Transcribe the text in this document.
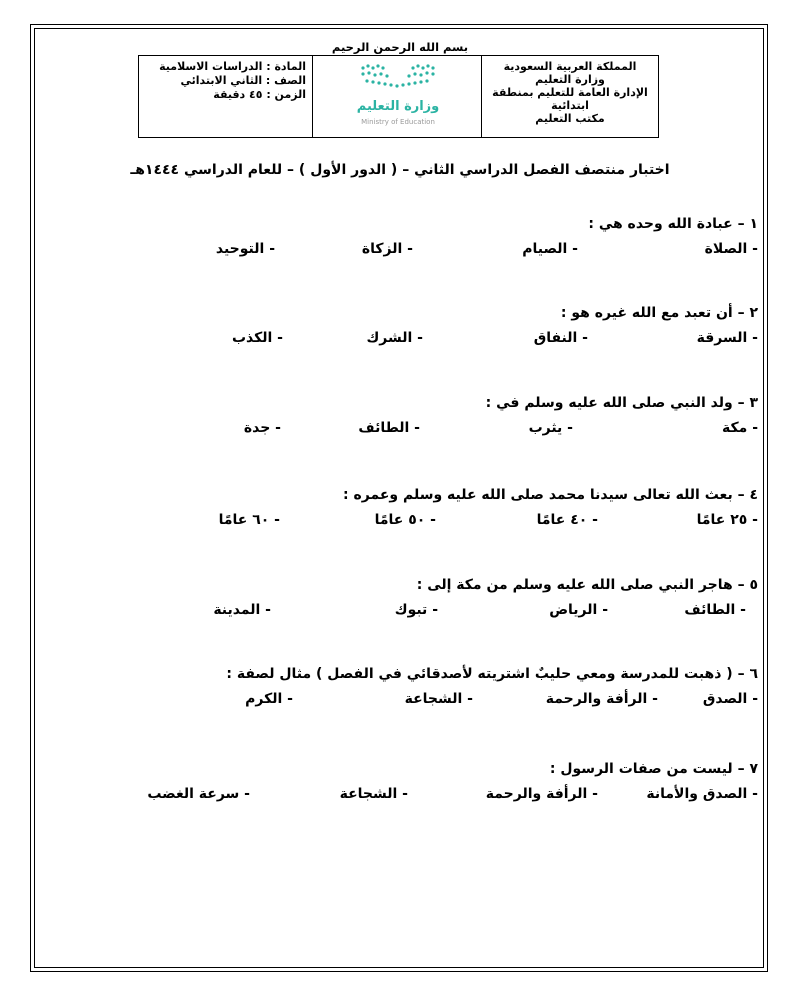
بسم الله الرحمن الرحيم
المملكة العربية السعودية
وزارة التعليم
الإدارة العامة للتعليم بمنطقة
ابتدائية
مكتب التعليم
وزارة التعليم
Ministry of Education
المادة : الدراسات الاسلامية
الصف : الثاني الابتدائي
الزمن : ٤٥ دقيقة
اختبار منتصف الفصل الدراسي الثاني – ( الدور الأول ) – للعام الدراسي ١٤٤٤هـ
١ – عبادة الله وحده هي :
- الصلاة
- الصيام
- الزكاة
- التوحيد
٢ – أن تعبد مع الله غيره هو :
- السرقة
- النفاق
- الشرك
- الكذب
٣ – ولد النبي صلى الله عليه وسلم في :
- مكة
- يثرب
- الطائف
- جدة
٤ – بعث الله تعالى سيدنا محمد صلى الله عليه وسلم وعمره :
- ٢٥ عامًا
- ٤٠ عامًا
- ٥٠ عامًا
- ٦٠ عامًا
٥ – هاجر النبي صلى الله عليه وسلم من مكة إلى :
- الطائف
- الرياض
- تبوك
- المدينة
٦ – ( ذهبت للمدرسة ومعي حليبٌ اشتريته لأصدقائي في الفصل ) مثال لصفة :
- الصدق
- الرأفة والرحمة
- الشجاعة
- الكرم
٧ – ليست من صفات الرسول :
- الصدق والأمانة
- الرأفة والرحمة
- الشجاعة
- سرعة الغضب
